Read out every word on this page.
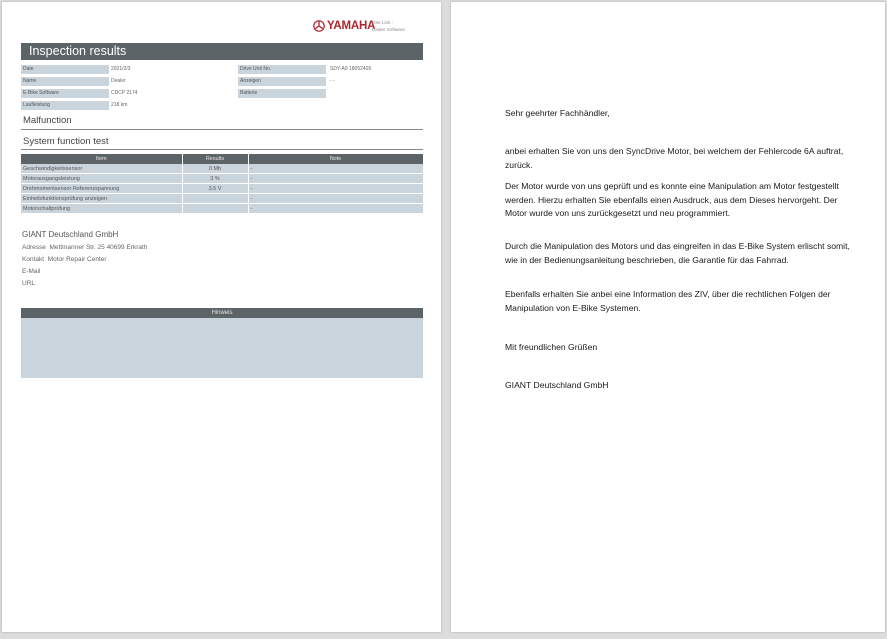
YAMAHA
One Link -
Dealer Software
Inspection results
Date	2021/2/3	Drive Unit No.	SDY-A9 18052405
Name	Dealer	Anzeigen	- -
E-Bike Software	CDCP 2174	Batterie
Laufleistung	218 km
Malfunction
System function test
Item	Results	Note
Geschwindigkeitssensor	0 Mb	-
Motorausgangsleistung	3 %	-
Drehmomentsensor Referenzspannung	3.5 V	-
Einheitsfunktionsprüfung anzeigen		-
Motorschaltprüfung		-
GIANT Deutschland GmbH
Adresse Mettmanner Str. 25 40699 Erkrath
Kontakt Motor Repair Center
E-Mail
URL
Hinweis
·
·
·
·
Sehr geehrter Fachhändler,
anbei erhalten Sie von uns den SyncDrive Motor, bei welchem der Fehlercode 6A auftrat, zurück.
Der Motor wurde von uns geprüft und es konnte eine Manipulation am Motor festgestellt werden. Hierzu erhalten Sie ebenfalls einen Ausdruck, aus dem Dieses hervorgeht. Der Motor wurde von uns zurückgesetzt und neu programmiert.
Durch die Manipulation des Motors und das eingreifen in das E-Bike System erlischt somit, wie in der Bedienungsanleitung beschrieben, die Garantie für das Fahrrad.
Ebenfalls erhalten Sie anbei eine Information des ZIV, über die rechtlichen Folgen der Manipulation von E-Bike Systemen.
Mit freundlichen Grüßen
GIANT Deutschland GmbH
